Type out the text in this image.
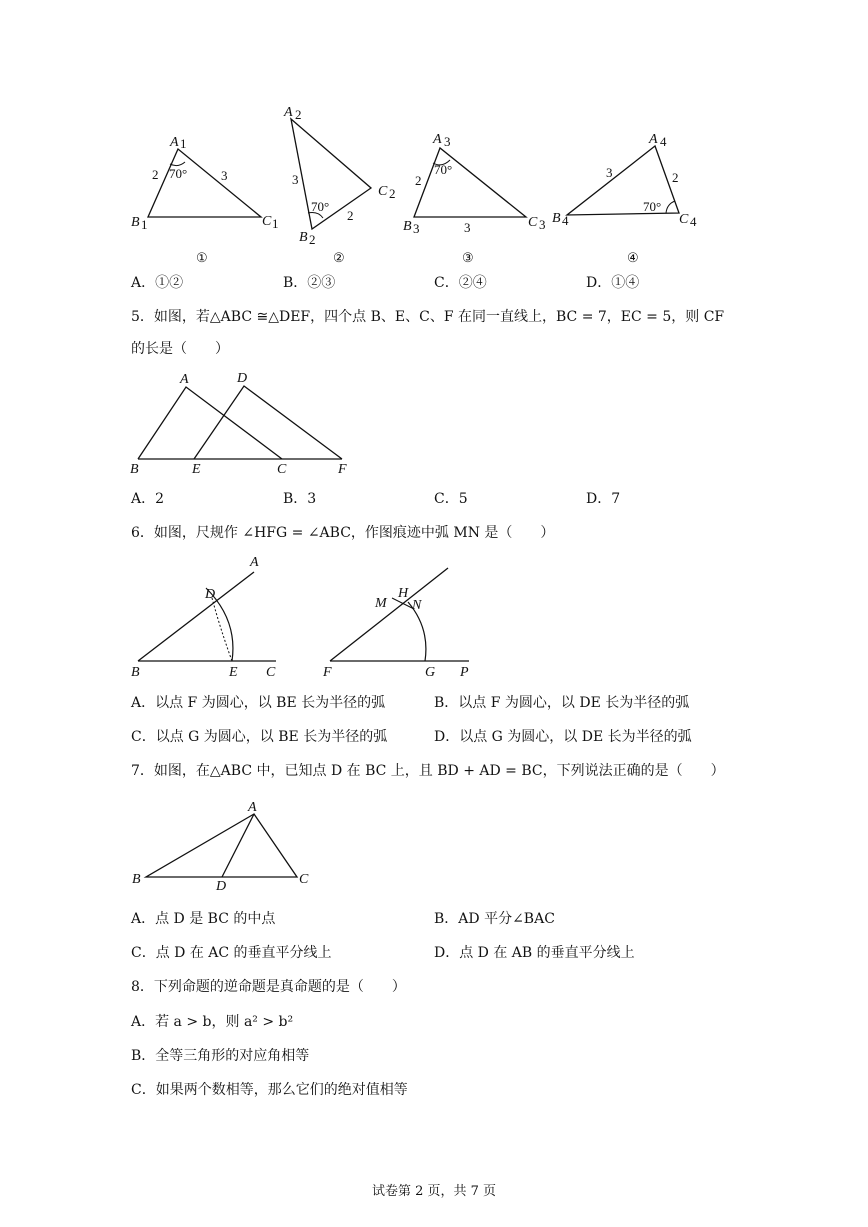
A 1
B 1	C 1
2	3
70°
①
A 2
B 2
C 2
3
2
70°
②
A 3
B 3	C 3
2
3
70°
③
A 4
B 4	C 4
3	2
70°
④
A．①②	B．②③	C．②④	D．①④
5．如图，若△ABC ≅△DEF，四个点 B、E、C、F 在同一直线上，BC = 7，EC = 5，则 CF
的长是（　　）
A	D
B	E	C	F
A．2	B．3	C．5	D．7
6．如图，尺规作 ∠HFG = ∠ABC，作图痕迹中弧 MN 是（　　）
A
D
B	E C
M
H
N
F	G P
A．以点 F 为圆心，以 BE 长为半径的弧	B．以点 F 为圆心，以 DE 长为半径的弧
C．以点 G 为圆心，以 BE 长为半径的弧	D．以点 G 为圆心，以 DE 长为半径的弧
7．如图，在△ABC 中，已知点 D 在 BC 上，且 BD + AD = BC，下列说法正确的是（　　）
A
B	D	C
A．点 D 是 BC 的中点	B．AD 平分∠BAC
C．点 D 在 AC 的垂直平分线上	D．点 D 在 AB 的垂直平分线上
8．下列命题的逆命题是真命题的是（　　）
A．若 a > b，则 a² > b²
B．全等三角形的对应角相等
C．如果两个数相等，那么它们的绝对值相等
试卷第 2 页，共 7 页
